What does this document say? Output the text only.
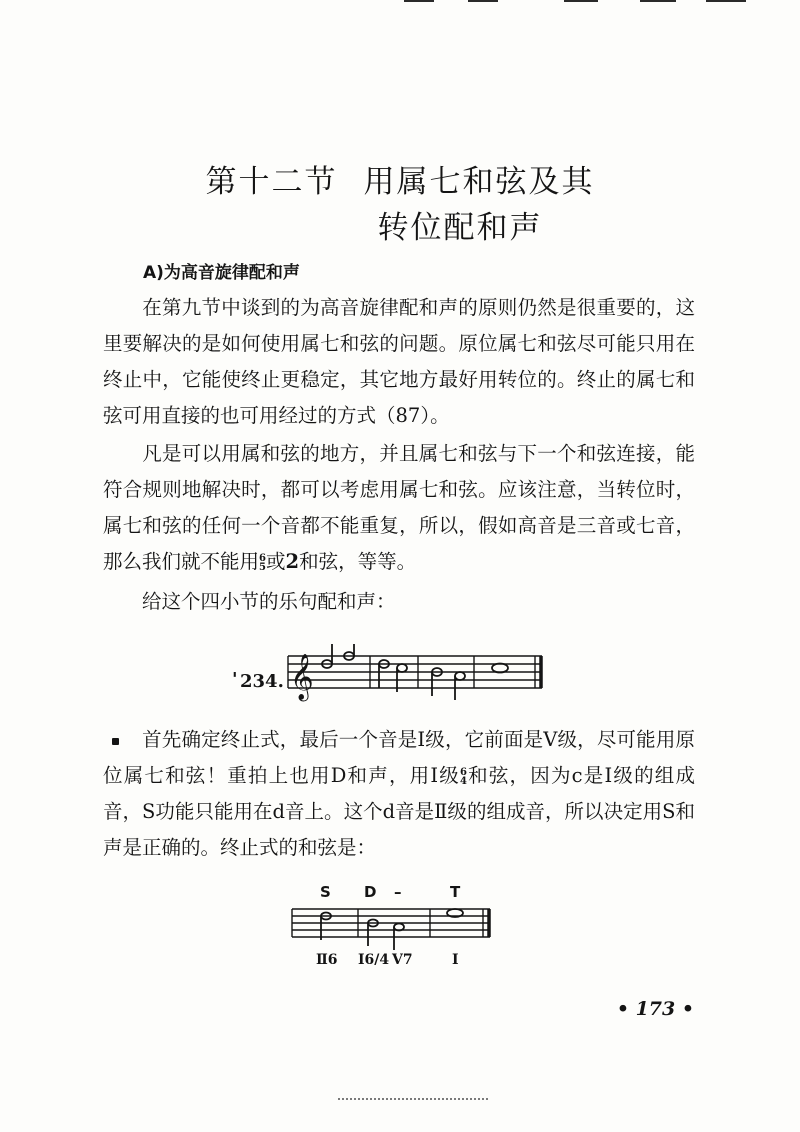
第十二节 用属七和弦及其
转位配和声
A)为高音旋律配和声
在第九节中谈到的为高音旋律配和声的原则仍然是很重要的，这里要解决的是如何使用属七和弦的问题。原位属七和弦尽可能只用在终止中，它能使终止更稳定，其它地方最好用转位的。终止的属七和弦可用直接的也可用经过的方式（87）。
凡是可以用属和弦的地方，并且属七和弦与下一个和弦连接，能符合规则地解决时，都可以考虑用属七和弦。应该注意，当转位时，属七和弦的任何一个音都不能重复，所以，假如高音是三音或七音，那么我们就不能用6
5或2和弦，等等。
给这个四小节的乐句配和声：
' 234. 𝄞
首先确定终止式，最后一个音是Ⅰ级，它前面是Ⅴ级，尽可能用原位属七和弦！重拍上也用D和声，用Ⅰ级6
4和弦，因为c是Ⅰ级的组成音，S功能只能用在d音上。这个d音是Ⅱ级的组成音，所以决定用S和声是正确的。终止式的和弦是：
S D –	T
Ⅱ6 Ⅰ6/4 V7	Ⅰ
• 173 •
